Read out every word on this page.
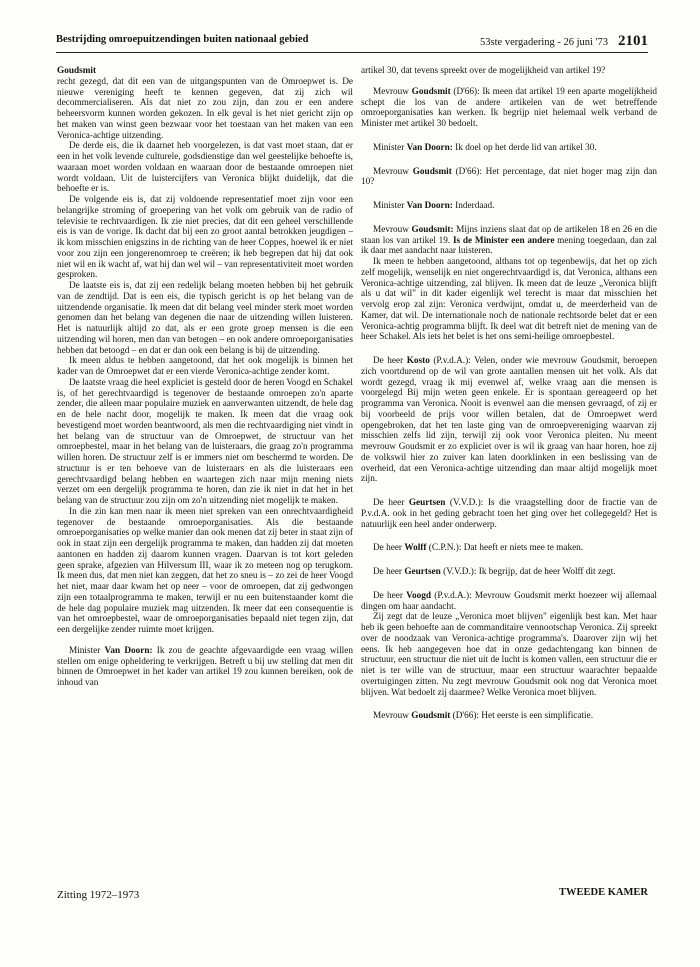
Bestrijding omroepuitzendingen buiten nationaal gebied	53ste vergadering - 26 juni '73 2101

Goudsmit

recht gezegd, dat dit een van de uitgangspunten van de Omroepwet is. De nieuwe vereniging heeft te kennen gegeven, dat zij zich wil decommercialiseren. Als dat niet zo zou zijn, dan zou er een andere beheersvorm kunnen worden gekozen. In elk geval is het niet gericht zijn op het maken van winst geen bezwaar voor het toestaan van het maken van een Veronica-achtige uitzending.

De derde eis, die ik daarnet heb voorgelezen, is dat vast moet staan, dat er een in het volk levende culturele, godsdienstige dan wel geestelijke behoefte is, waaraan moet worden voldaan en waaraan door de bestaande omroepen niet wordt voldaan. Uit de luistercijfers van Veronica blijkt duidelijk, dat die behoefte er is.

De volgende eis is, dat zij voldoende representatief moet zijn voor een belangrijke stroming of groepering van het volk om gebruik van de radio of televisie te rechtvaardigen. Ik zie niet precies, dat dit een geheel verschillende eis is van de vorige. Ik dacht dat bij een zo groot aantal betrokken jeugdigen – ik kom misschien enigszins in de richting van de heer Coppes, hoewel ik er niet voor zou zijn een jongerenomroep te creëren; ik heb begrepen dat hij dat ook niet wil en ik wacht af, wat hij dan wel wil – van representativiteit moet worden gesproken.

De laatste eis is, dat zij een redelijk belang moeten hebben bij het gebruik van de zendtijd. Dat is een eis, die typisch gericht is op het belang van de uitzendende organisatie. Ik meen dat dit belang veel minder sterk moet worden genomen dan het belang van degenen die naar de uitzending willen luisteren. Het is natuurlijk altijd zo dat, als er een grote groep mensen is die een uitzending wil horen, men dan van betogen – en ook andere omroeporganisaties hebben dat betoogd – en dat er dan ook een belang is bij de uitzending.

Ik meen aldus te hebben aangetoond, dat het ook mogelijk is binnen het kader van de Omroepwet dat er een vierde Veronica-achtige zender komt.

De laatste vraag die heel expliciet is gesteld door de heren Voogd en Schakel is, of het gerechtvaardigd is tegenover de bestaande omroepen zo'n aparte zender, die alleen maar populaire muziek en aanverwanten uitzendt, de hele dag en de hele nacht door, mogelijk te maken. Ik meen dat die vraag ook bevestigend moet worden beantwoord, als men die rechtvaardiging niet vindt in het belang van de structuur van de Omroepwet, de structuur van het omroepbestel, maar in het belang van de luisteraars, die graag zo'n programma willen horen. De structuur zelf is er immers niet om beschermd te worden. De structuur is er ten behoeve van de luisteraars en als die luisteraars een gerechtvaardigd belang hebben en waartegen zich naar mijn mening niets verzet om een dergelijk programma te horen, dan zie ik niet in dat het in het belang van de structuur zou zijn om zo'n uitzending niet mogelijk te maken.

In die zin kan men naar ik meen niet spreken van een onrechtvaardigheid tegenover de bestaande omroeporganisaties. Als die bestaande omroeporganisaties op welke manier dan ook menen dat zij beter in staat zijn of ook in staat zijn een dergelijk programma te maken, dan hadden zij dat moeten aantonen en hadden zij daarom kunnen vragen. Daarvan is tot kort geleden geen sprake, afgezien van Hilversum III, waar ik zo meteen nog op terugkom. Ik meen dus, dat men niet kan zeggen, dat het zo sneu is – zo zei de heer Voogd het niet, maar daar kwam het op neer – voor de omroepen, dat zij gedwongen zijn een totaalprogramma te maken, terwijl er nu een buitenstaander komt die de hele dag populaire muziek mag uitzenden. Ik meer dat een consequentie is van het omroepbestel, waar de omroeporganisaties bepaald niet tegen zijn, dat een dergelijke zender ruimte moet krijgen.

Minister Van Doorn: Ik zou de geachte afgevaardigde een vraag willen stellen om enige opheldering te verkrijgen. Betreft u bij uw stelling dat men dit binnen de Omroepwet in het kader van artikel 19 zou kunnen bereiken, ook de inhoud van

artikel 30, dat tevens spreekt over de mogelijkheid van artikel 19?

Mevrouw Goudsmit (D'66): Ik meen dat artikel 19 een aparte mogelijkheid schept die los van de andere artikelen van de wet betreffende omroeporganisaties kan werken. Ik begrijp niet helemaal welk verband de Minister met artikel 30 bedoelt.

Minister Van Doorn: Ik doel op het derde lid van artikel 30.

Mevrouw Goudsmit (D'66): Het percentage, dat niet hoger mag zijn dan 10?

Minister Van Doorn: Inderdaad.

Mevrouw Goudsmit: Mijns inziens slaat dat op de artikelen 18 en 26 en die staan los van artikel 19. Is de Minister een andere mening toegedaan, dan zal ik daar met aandacht naar luisteren.

Ik meen te hebben aangetoond, althans tot op tegenbewijs, dat het op zich zelf mogelijk, wenselijk en niet ongerechtvaardigd is, dat Veronica, althans een Veronica-achtige uitzending, zal blijven. Ik meen dat de leuze „Veronica blijft als u dat wil" in dit kader eigenlijk wel terecht is maar dat misschien het vervolg erop zal zijn: Veronica verdwijnt, omdat u, de meerderheid van de Kamer, dat wil. De internationale noch de nationale rechtsorde belet dat er een Veronica-achtig programma blijft. Ik deel wat dit betreft niet de mening van de heer Schakel. Als iets het belet is het ons semi-heilige omroepbestel.

De heer Kosto (P.v.d.A.): Velen, onder wie mevrouw Goudsmit, beroepen zich voortdurend op de wil van grote aantallen mensen uit het volk. Als dat wordt gezegd, vraag ik mij evenwel af, welke vraag aan die mensen is voorgelegd Bij mijn weten geen enkele. Er is spontaan gereageerd op het programma van Veronica. Nooit is evenwel aan die mensen gevraagd, of zij er bij voorbeeld de prijs voor willen betalen, dat de Omroepwet werd opengebroken, dat het ten laste ging van de omroepvereniging waarvan zij misschien zelfs lid zijn, terwijl zij ook voor Veronica pleiten. Nu meent mevrouw Goudsmit er zo expliciet over is wil ik graag van haar horen, hoe zij de volkswil hier zo zuiver kan laten doorklinken in een beslissing van de overheid, dat een Veronica-achtige uitzending dan maar altijd mogelijk moet zijn.

De heer Geurtsen (V.V.D.): Is die vraagstelling door de fractie van de P.v.d.A. ook in het geding gebracht toen het ging over het collegegeld? Het is natuurlijk een heel ander onderwerp.

De heer Wolff (C.P.N.): Dat heeft er niets mee te maken.

De heer Geurtsen (V.V.D.): Ik begrijp, dat de heer Wolff dit zegt.

De heer Voogd (P.v.d.A.): Mevrouw Goudsmit merkt hoezeer wij allemaal dingen om haar aandacht.

Zij zegt dat de leuze „Veronica moet blijven" eigenlijk best kan. Met haar heb ik geen behoefte aan de commanditaire vennootschap Veronica. Zij spreekt over de noodzaak van Veronica-achtige programma's. Daarover zijn wij het eens. Ik heb aangegeven hoe dat in onze gedachtengang kan binnen de structuur, een structuur die niet uit de lucht is komen vallen, een structuur die er niet is ter wille van de structuur, maar een structuur waarachter bepaalde overtuigingen zitten. Nu zegt mevrouw Goudsmit ook nog dat Veronica moet blijven. Wat bedoelt zij daarmee? Welke Veronica moet blijven.

Mevrouw Goudsmit (D'66): Het eerste is een simplificatie.

Zitting 1972–1973	TWEEDE KAMER
